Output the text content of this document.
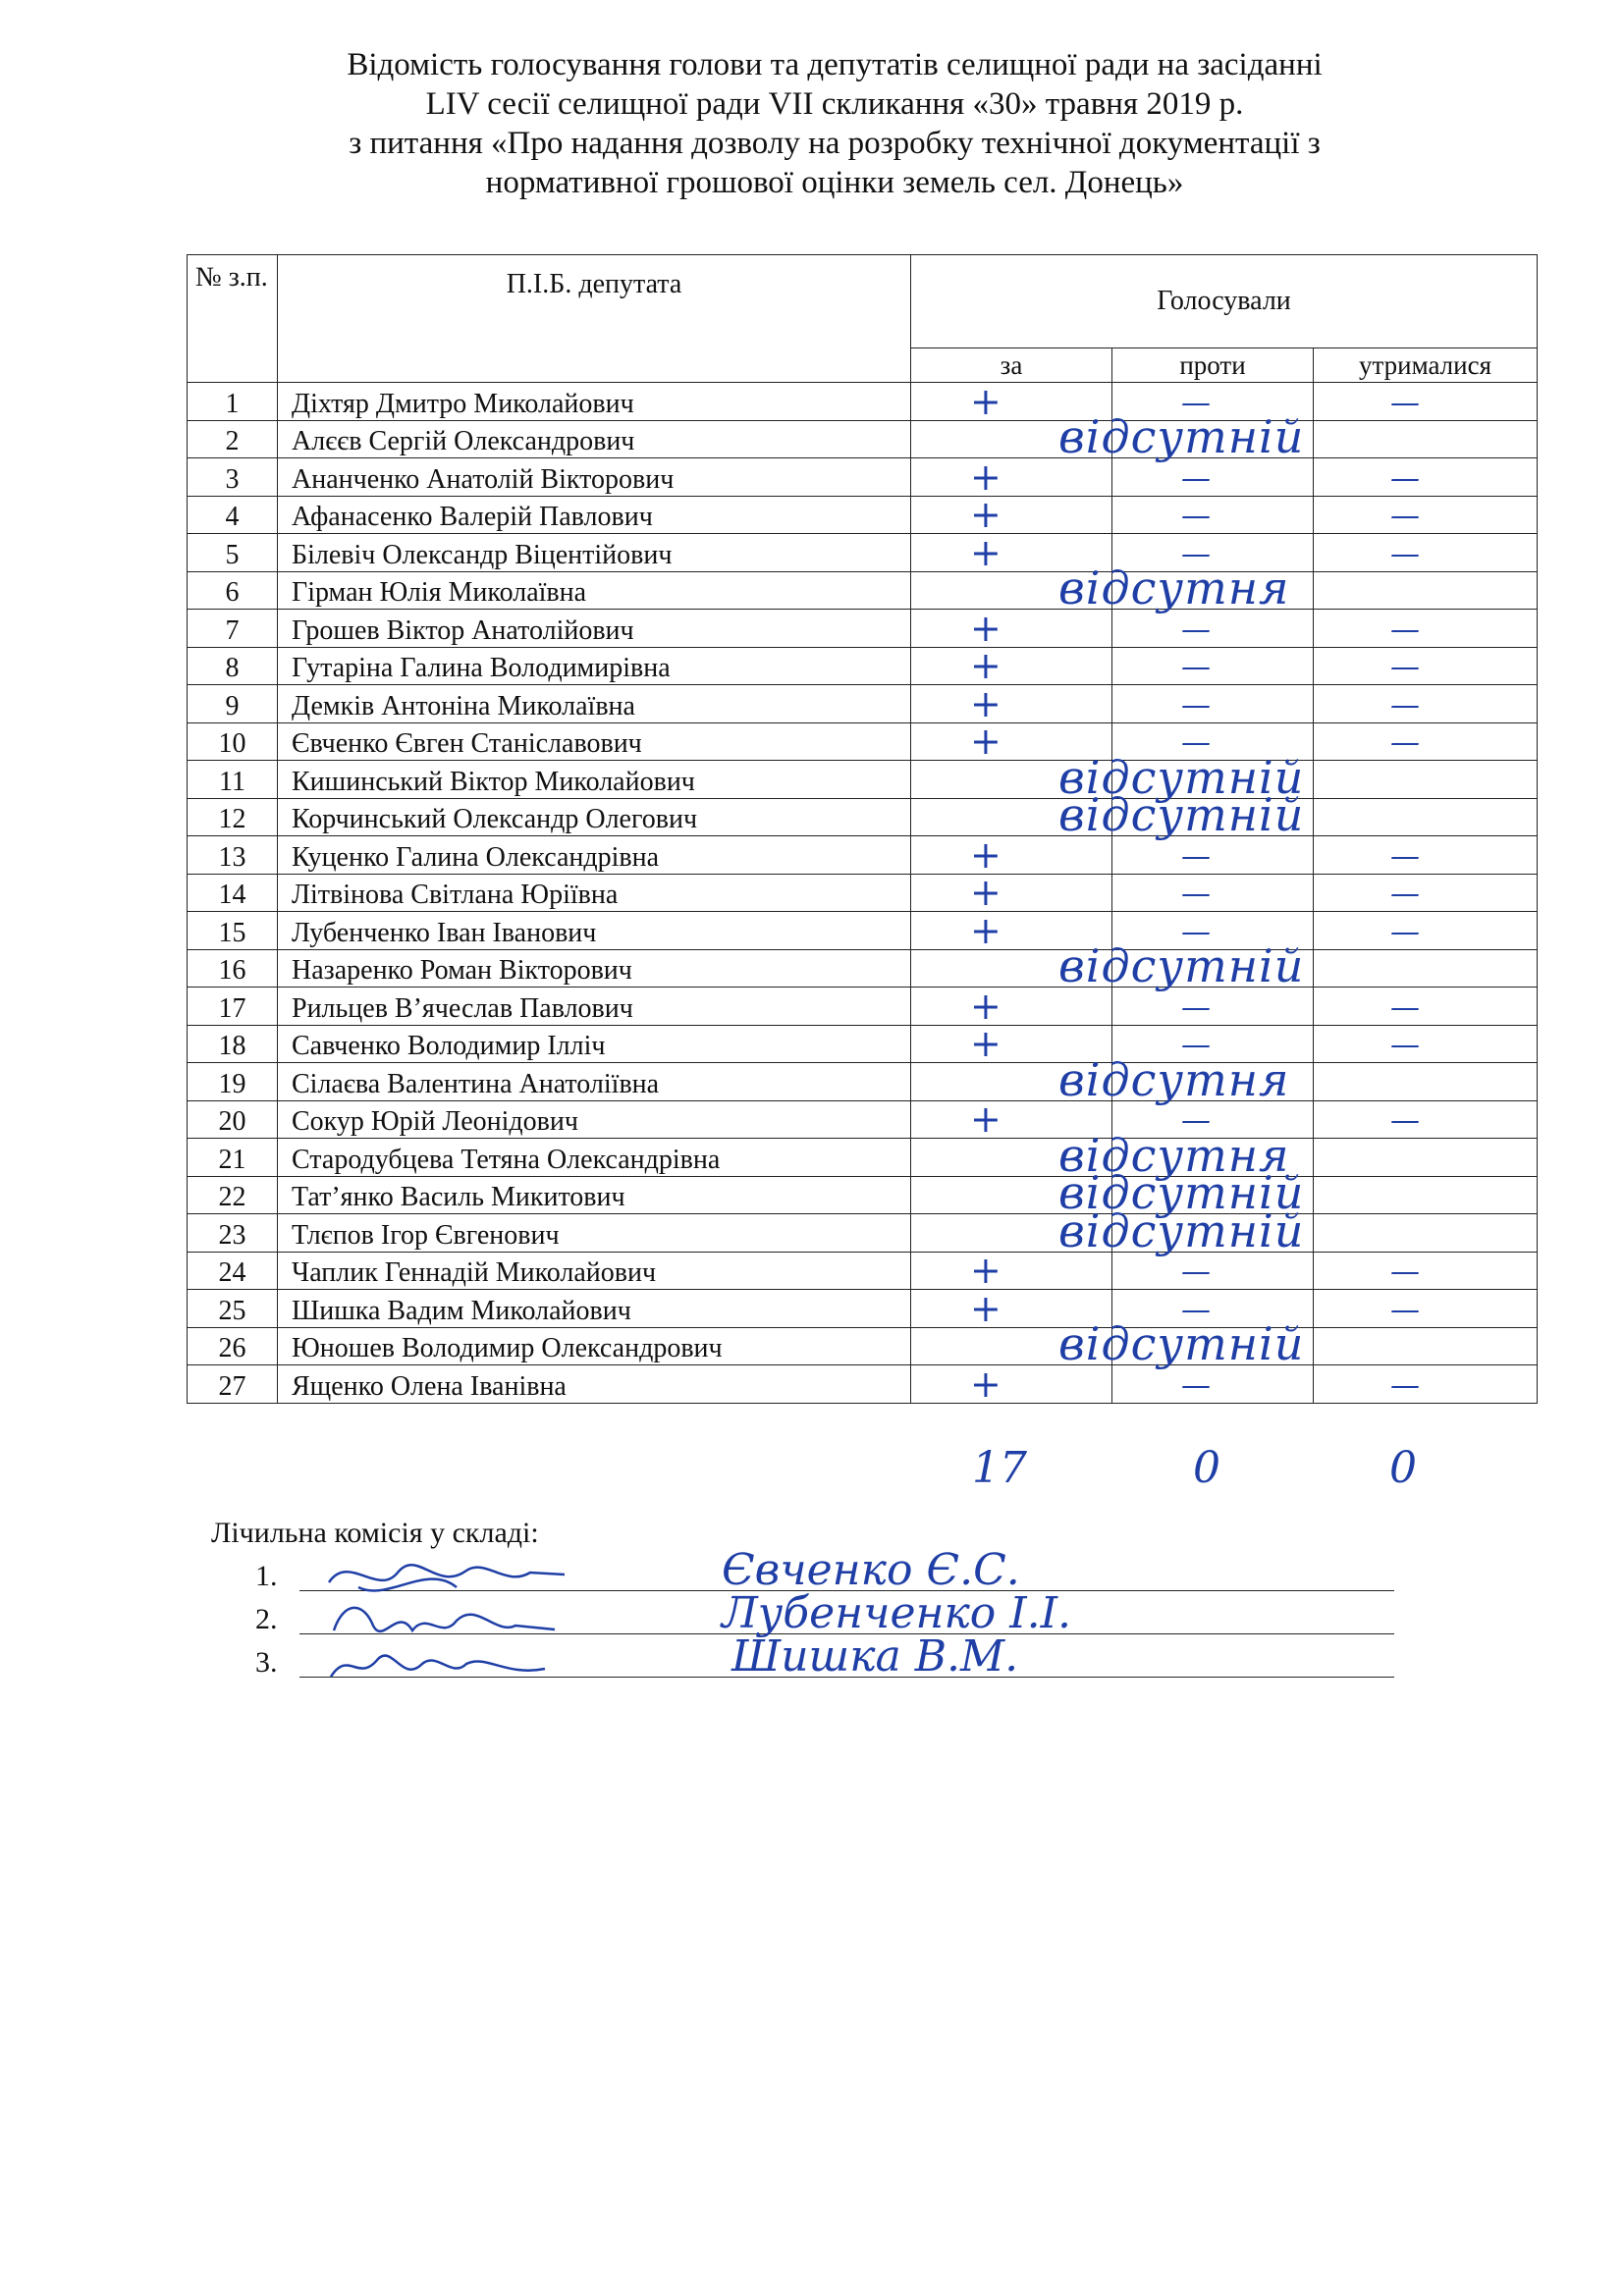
Відомість голосування голови та депутатів селищної ради на засіданні
LIV сесії селищної ради VII скликання «30» травня 2019 р.
з питання «Про надання дозволу на розробку технічної документації з
нормативної грошової оцінки земель сел. Донець»
№ з.п.	П.І.Б. депутата	Голосували		
		за	проти	утрималися
1	Діхтяр Дмитро Миколайович	+	—	—

2	Алєєв Сергій Олександрович	відсутній		

3	Ананченко Анатолій Вікторович	+	—	—

4	Афанасенко Валерій Павлович	+	—	—

5	Білевіч Олександр Віцентійович	+	—	—

6	Гірман Юлія Миколаївна	відсутня		

7	Грошев Віктор Анатолійович	+	—	—

8	Гутаріна Галина Володимирівна	+	—	—

9	Демків Антоніна Миколаївна	+	—	—

10	Євченко Євген Станіславович	+	—	—

11	Кишинський Віктор Миколайович	відсутній		

12	Корчинський Олександр Олегович	відсутній		

13	Куценко Галина Олександрівна	+	—	—

14	Літвінова Світлана Юріївна	+	—	—

15	Лубенченко Іван Іванович	+	—	—

16	Назаренко Роман Вікторович	відсутній		

17	Рильцев В’ячеслав Павлович	+	—	—

18	Савченко Володимир Ілліч	+	—	—

19	Сілаєва Валентина Анатоліївна	відсутня		

20	Сокур Юрій Леонідович	+	—	—

21	Стародубцева Тетяна Олександрівна	відсутня		

22	Тат’янко Василь Микитович	відсутній		

23	Тлєпов Ігор Євгенович	відсутній		

24	Чаплик Геннадій Миколайович	+	—	—

25	Шишка Вадим Миколайович	+	—	—

26	Юношев Володимир Олександрович	відсутній		

27	Ященко Олена Іванівна	+	—	—
17	0	0
Лічильна комісія у складі:
1.	Євченко Є.С.
2.	Лубенченко І.І.
3.	Шишка В.М.
